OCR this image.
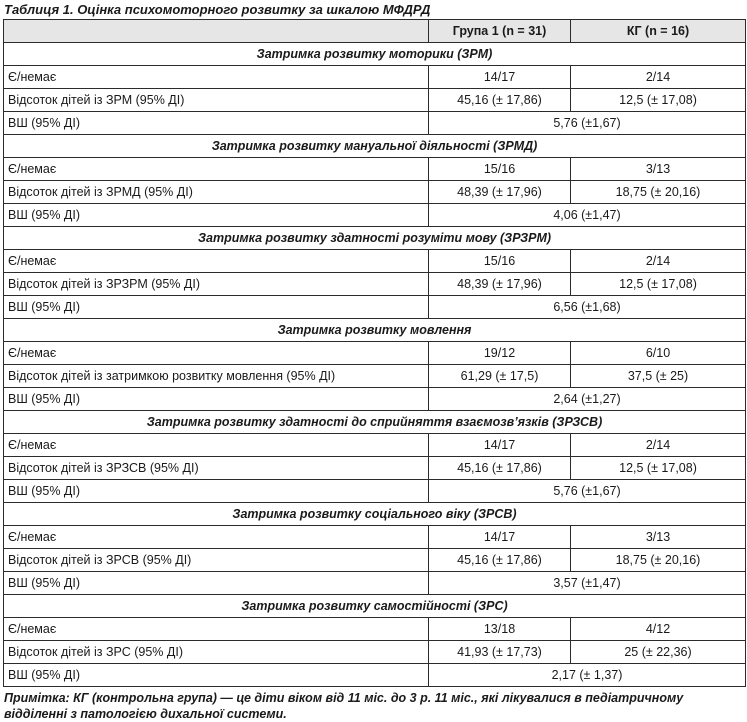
Таблиця 1. Оцінка психомоторного розвитку за шкалою МФДРД
	Група 1 (n = 31)	КГ (n = 16)
Затримка розвитку моторики (ЗРМ)		
Є/немає	14/17	2/14
Відсоток дітей із ЗРМ (95% ДІ)	45,16 (± 17,86)	12,5 (± 17,08)
ВШ (95% ДІ)	5,76 (±1,67)	
Затримка розвитку мануальної діяльності (ЗРМД)		
Є/немає	15/16	3/13
Відсоток дітей із ЗРМД (95% ДІ)	48,39 (± 17,96)	18,75 (± 20,16)
ВШ (95% ДІ)	4,06 (±1,47)	
Затримка розвитку здатності розуміти мову (ЗРЗРМ)		
Є/немає	15/16	2/14
Відсоток дітей із ЗРЗРМ (95% ДІ)	48,39 (± 17,96)	12,5 (± 17,08)
ВШ (95% ДІ)	6,56 (±1,68)	
Затримка розвитку мовлення		
Є/немає	19/12	6/10
Відсоток дітей із затримкою розвитку мовлення (95% ДІ)	61,29 (± 17,5)	37,5 (± 25)
ВШ (95% ДІ)	2,64 (±1,27)	
Затримка розвитку здатності до сприйняття взаємозв’язків (ЗРЗСВ)		
Є/немає	14/17	2/14
Відсоток дітей із ЗРЗСВ (95% ДІ)	45,16 (± 17,86)	12,5 (± 17,08)
ВШ (95% ДІ)	5,76 (±1,67)	
Затримка розвитку соціального віку (ЗРСВ)		
Є/немає	14/17	3/13
Відсоток дітей із ЗРСВ (95% ДІ)	45,16 (± 17,86)	18,75 (± 20,16)
ВШ (95% ДІ)	3,57 (±1,47)	
Затримка розвитку самостійності (ЗРС)		
Є/немає	13/18	4/12
Відсоток дітей із ЗРС (95% ДІ)	41,93 (± 17,73)	25 (± 22,36)
ВШ (95% ДІ)	2,17 (± 1,37)	
Примітка: КГ (контрольна група) — це діти віком від 11 міс. до 3 р. 11 міс., які лікувалися в педіатричному відділенні з патологією дихальної системи.
